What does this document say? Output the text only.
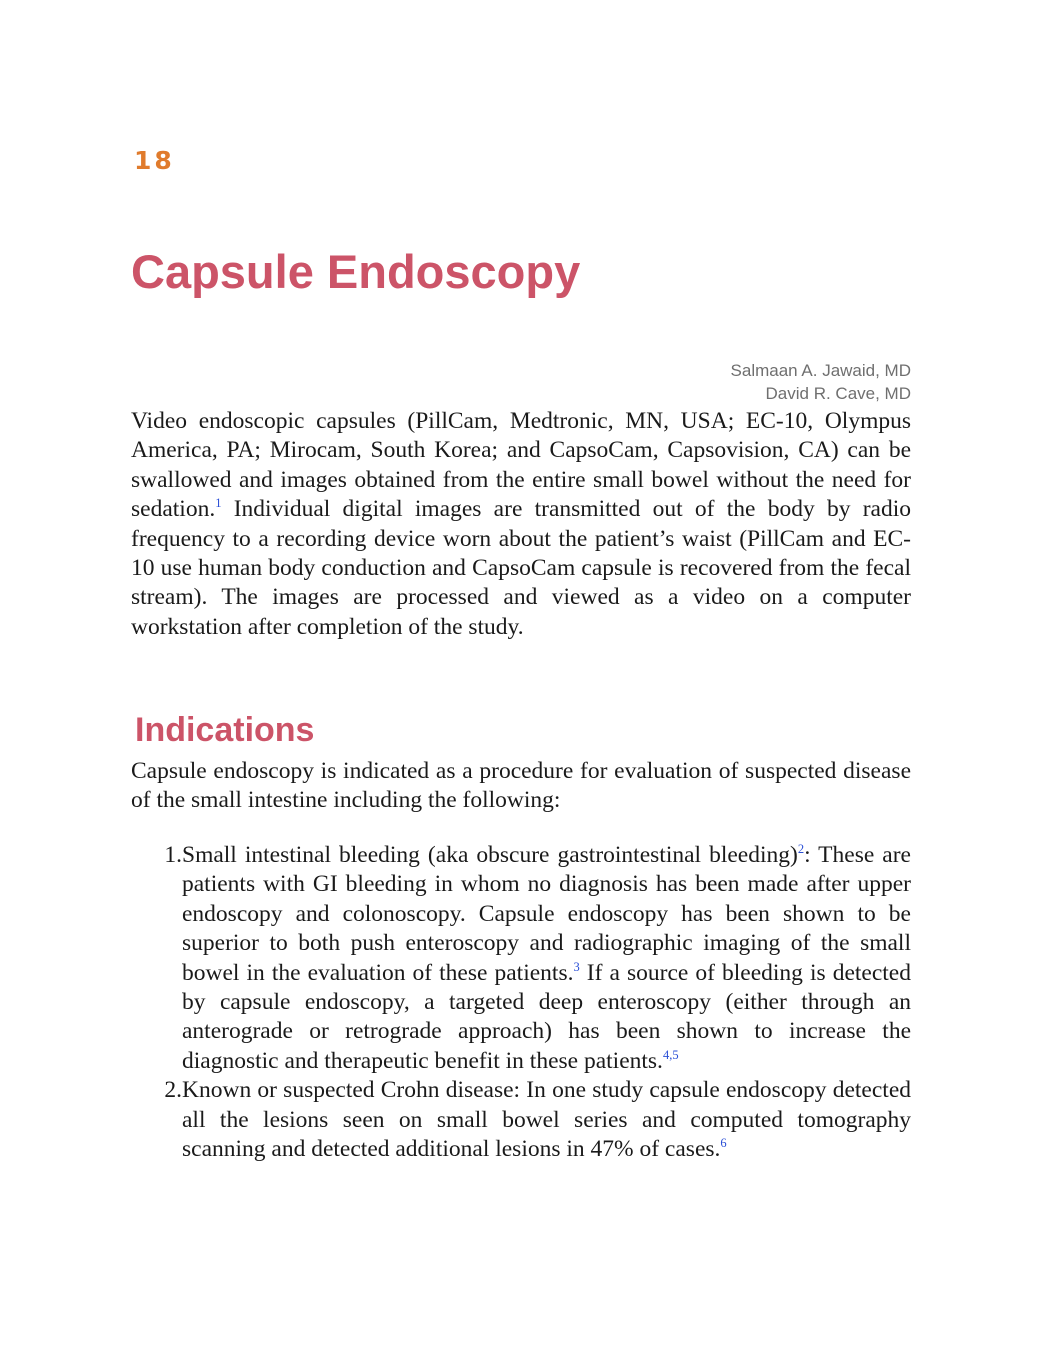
18
Capsule Endoscopy
Salmaan A. Jawaid, MD
David R. Cave, MD

Video endoscopic capsules (PillCam, Medtronic, MN, USA; EC-10, Olympus America, PA; Mirocam, South Korea; and CapsoCam, Capsovision, CA) can be swallowed and images obtained from the entire small bowel without the need for sedation.$^1$ Individual digital images are transmitted out of the body by radio frequency to a recording device worn about the patient’s waist (PillCam and EC-10 use human body conduction and CapsoCam capsule is recovered from the fecal stream). The images are processed and viewed as a video on a computer workstation after completion of the study.

Indications

Capsule endoscopy is indicated as a procedure for evaluation of suspected disease of the small intestine including the following:

1. Small intestinal bleeding (aka obscure gastrointestinal bleeding)$^2$: These are patients with GI bleeding in whom no diagnosis has been made after upper endoscopy and colonoscopy. Capsule endoscopy has been shown to be superior to both push enteroscopy and radiographic imaging of the small bowel in the evaluation of these patients.$^3$ If a source of bleeding is detected by capsule endoscopy, a targeted deep enteroscopy (either through an anterograde or retrograde approach) has been shown to increase the diagnostic and therapeutic benefit in these patients.$^{4,5}$

2. Known or suspected Crohn disease: In one study capsule endoscopy detected all the lesions seen on small bowel series and computed tomography scanning and detected additional lesions in 47% of cases.$^6$
